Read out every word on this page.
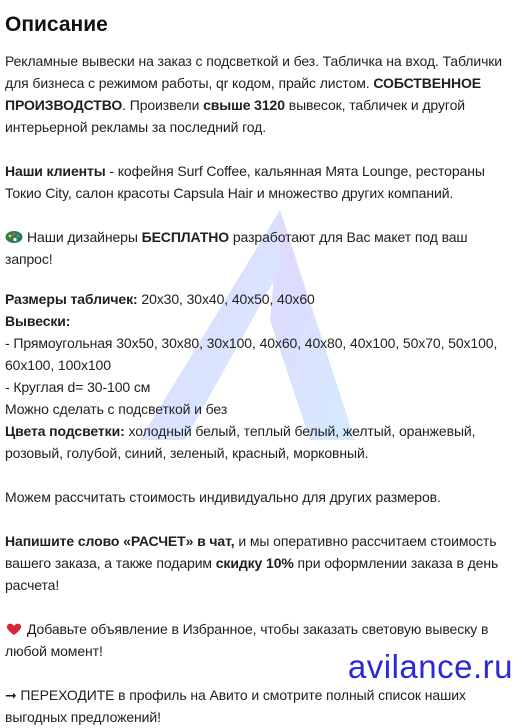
Описание

Рекламные вывески на заказ с подсветкой и без. Табличка на вход. Таблички для бизнеса с режимом работы, qr кодом, прайс листом. СОБСТВЕННОЕ ПРОИЗВОДСТВО. Произвели свыше 3120 вывесок, табличек и другой интерьерной рекламы за последний год.

Наши клиенты - кофейня Surf Coffee, кальянная Мята Lounge, рестораны Токио City, салон красоты Capsula Hair и множество других компаний.

Наши дизайнеры БЕСПЛАТНО разработают для Вас макет под ваш запрос!

Размеры табличек: 20x30, 30x40, 40x50, 40x60

Вывески:

- Прямоугольная 30x50, 30x80, 30x100, 40x60, 40x80, 40x100, 50x70, 50x100, 60x100, 100x100

- Круглая d= 30-100 см

Можно сделать с подсветкой и без

Цвета подсветки: холодный белый, теплый белый, желтый, оранжевый, розовый, голубой, синий, зеленый, красный, морковный.

Можем рассчитать стоимость индивидуально для других размеров.

Напишите слово «РАСЧЕТ» в чат, и мы оперативно рассчитаем стоимость вашего заказа, а также подарим скидку 10% при оформлении заказа в день расчета!

Добавьте объявление в Избранное, чтобы заказать световую вывеску в любой момент!

➞ ПЕРЕХОДИТЕ в профиль на Авито и смотрите полный список наших выгодных предложений!

avilance.ru
